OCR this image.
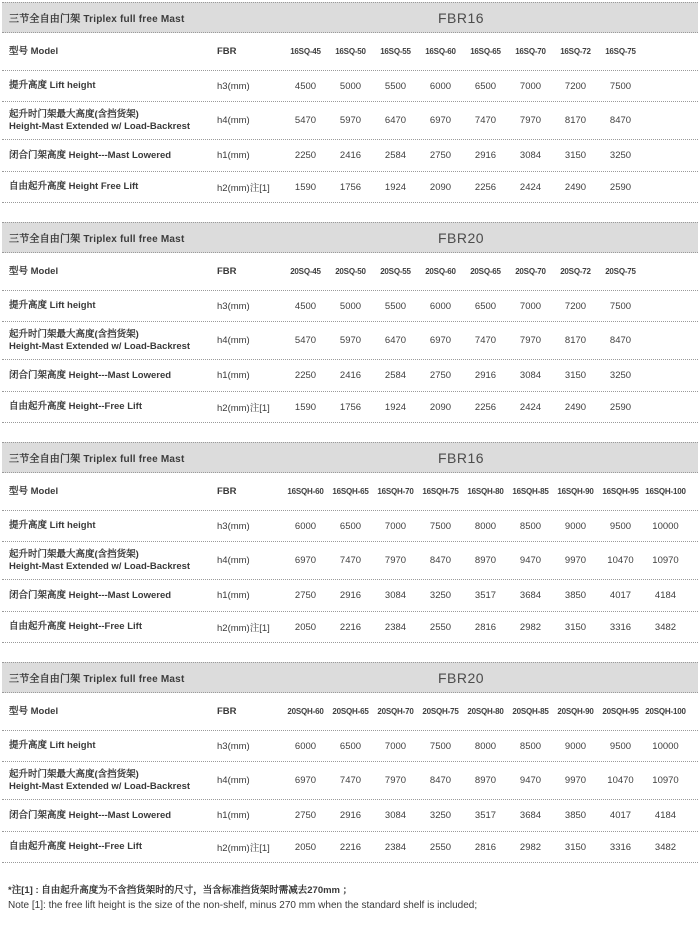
三节全自由门架 Triplex full free Mast	FBR16
型号 Model	FBR	16SQ-45	16SQ-50	16SQ-55	16SQ-60	16SQ-65	16SQ-70	16SQ-72	16SQ-75
提升高度 Lift height	h3(mm)	4500	5000	5500	6000	6500	7000	7200	7500
起升时门架最大高度(含挡货架)
Height-Mast Extended w/ Load-Backrest	h4(mm)	5470	5970	6470	6970	7470	7970	8170	8470
闭合门架高度 Height---Mast Lowered	h1(mm)	2250	2416	2584	2750	2916	3084	3150	3250
自由起升高度 Height Free Lift	h2(mm)注[1]	1590	1756	1924	2090	2256	2424	2490	2590
三节全自由门架 Triplex full free Mast	FBR20
型号 Model	FBR	20SQ-45	20SQ-50	20SQ-55	20SQ-60	20SQ-65	20SQ-70	20SQ-72	20SQ-75
提升高度 Lift height	h3(mm)	4500	5000	5500	6000	6500	7000	7200	7500
起升时门架最大高度(含挡货架)
Height-Mast Extended w/ Load-Backrest	h4(mm)	5470	5970	6470	6970	7470	7970	8170	8470
闭合门架高度 Height---Mast Lowered	h1(mm)	2250	2416	2584	2750	2916	3084	3150	3250
自由起升高度 Height--Free Lift	h2(mm)注[1]	1590	1756	1924	2090	2256	2424	2490	2590
三节全自由门架 Triplex full free Mast	FBR16
型号 Model	FBR	16SQH-60	16SQH-65	16SQH-70	16SQH-75	16SQH-80	16SQH-85	16SQH-90	16SQH-95 16SQH-100
提升高度 Lift height	h3(mm)	6000	6500	7000	7500	8000	8500	9000	9500	10000
起升时门架最大高度(含挡货架)
Height-Mast Extended w/ Load-Backrest	h4(mm)	6970	7470	7970	8470	8970	9470	9970	10470	10970
闭合门架高度 Height---Mast Lowered	h1(mm)	2750	2916	3084	3250	3517	3684	3850	4017	4184
自由起升高度 Height--Free Lift	h2(mm)注[1]	2050	2216	2384	2550	2816	2982	3150	3316	3482
三节全自由门架 Triplex full free Mast	FBR20
型号 Model	FBR	20SQH-60	20SQH-65	20SQH-70	20SQH-75	20SQH-80	20SQH-85	20SQH-90	20SQH-95 20SQH-100
提升高度 Lift height	h3(mm)	6000	6500	7000	7500	8000	8500	9000	9500	10000
起升时门架最大高度(含挡货架)
Height-Mast Extended w/ Load-Backrest	h4(mm)	6970	7470	7970	8470	8970	9470	9970	10470	10970
闭合门架高度 Height---Mast Lowered	h1(mm)	2750	2916	3084	3250	3517	3684	3850	4017	4184
自由起升高度 Height--Free Lift	h2(mm)注[1]	2050	2216	2384	2550	2816	2982	3150	3316	3482
*注[1] : 自由起升高度为不含挡货架时的尺寸，当含标准挡货架时需减去270mm ；
Note [1]: the free lift height is the size of the non-shelf, minus 270 mm when the standard shelf is included;
